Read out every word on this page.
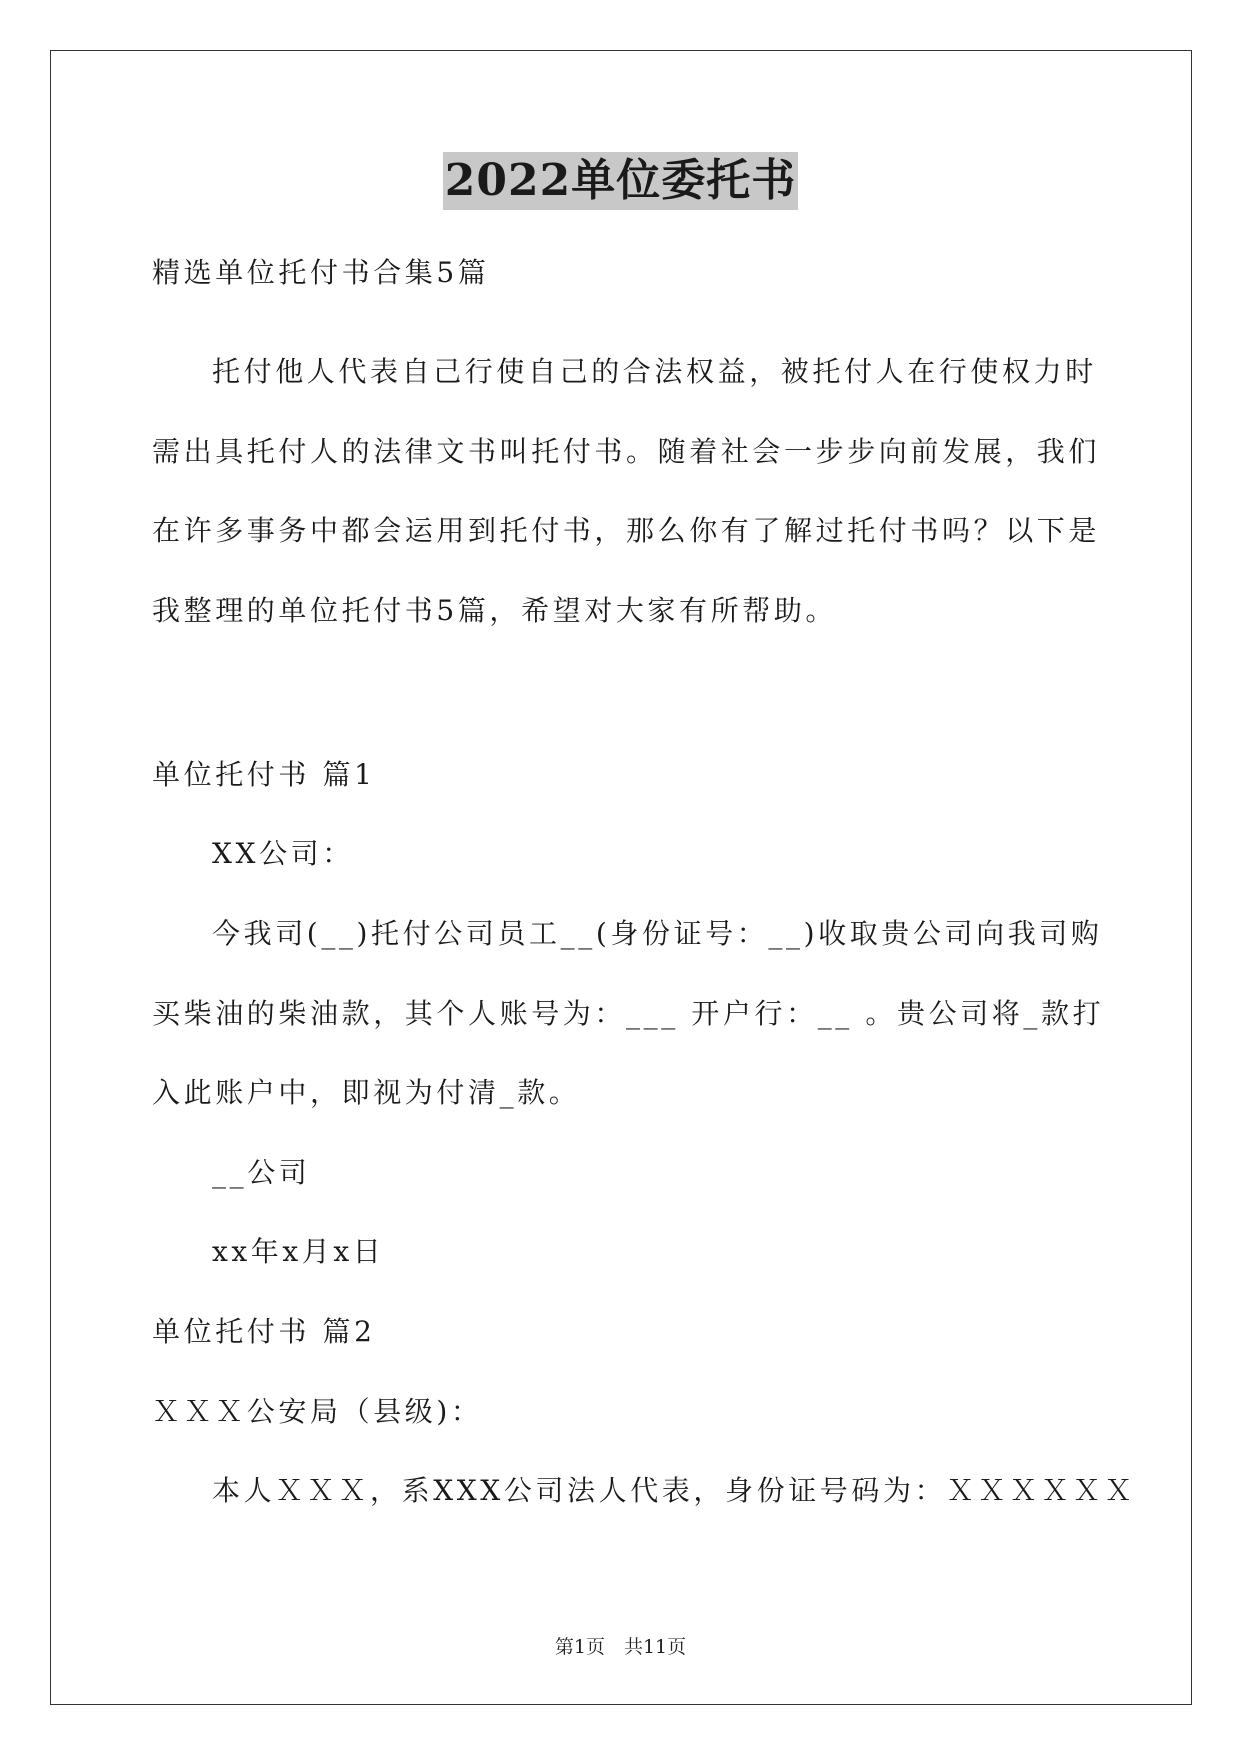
2022单位委托书
精选单位托付书合集5篇
托付他人代表自己行使自己的合法权益，被托付人在行使权力时
需出具托付人的法律文书叫托付书。随着社会一步步向前发展，我们
在许多事务中都会运用到托付书，那么你有了解过托付书吗？以下是
我整理的单位托付书5篇，希望对大家有所帮助。
单位托付书 篇1
XX公司：
今我司(__)托付公司员工__(身份证号：__)收取贵公司向我司购
买柴油的柴油款，其个人账号为：___ 开户行：__ 。贵公司将_款打
入此账户中，即视为付清_款。
__公司
xx年x月x日
单位托付书 篇2
ＸＸＸ公安局（县级)：
本人ＸＸＸ，系XXX公司法人代表，身份证号码为：ＸＸＸＸＸＸ
第1页　共11页
